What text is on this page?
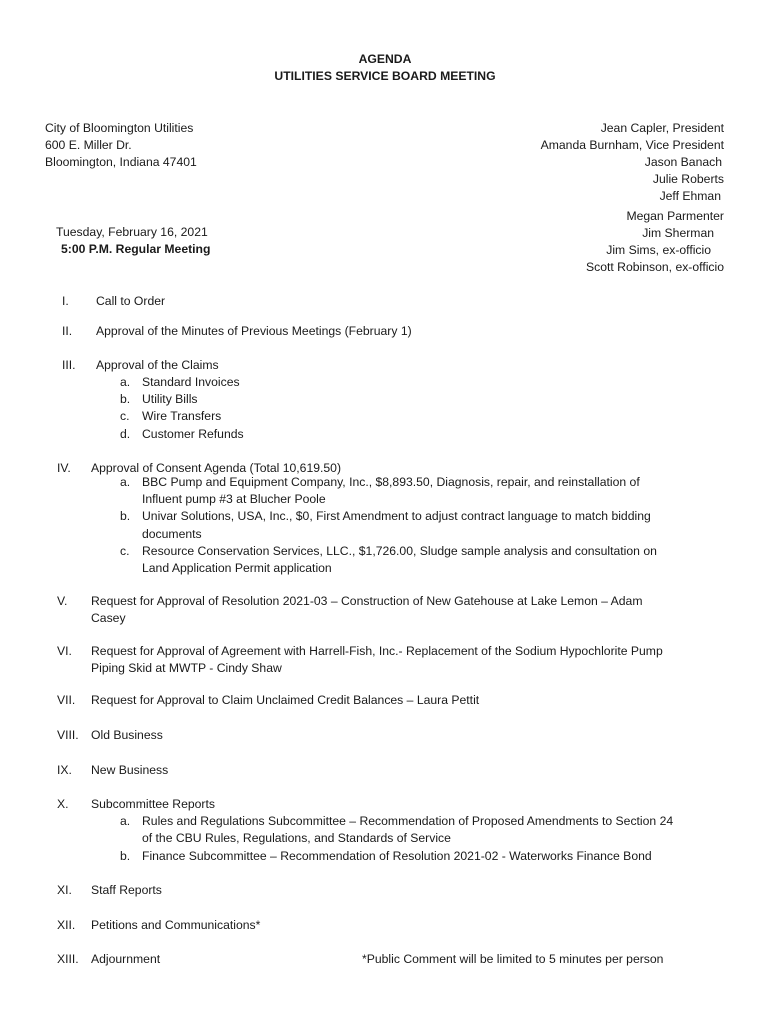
AGENDA
UTILITIES SERVICE BOARD MEETING
City of Bloomington Utilities
600 E. Miller Dr.
Bloomington, Indiana 47401
Jean Capler, President
Amanda Burnham, Vice President
Jason Banach
Julie Roberts
Jeff Ehman
Megan Parmenter
Jim Sherman
Jim Sims, ex-officio
Scott Robinson, ex-officio
Tuesday, February 16, 2021
5:00 P.M. Regular Meeting
I. Call to Order
II. Approval of the Minutes of Previous Meetings (February 1)
III. Approval of the Claims
a. Standard Invoices
b. Utility Bills
c. Wire Transfers
d. Customer Refunds
IV. Approval of Consent Agenda (Total 10,619.50)
a. BBC Pump and Equipment Company, Inc., $8,893.50, Diagnosis, repair, and reinstallation of
Influent pump #3 at Blucher Poole
b. Univar Solutions, USA, Inc., $0, First Amendment to adjust contract language to match bidding
documents
c. Resource Conservation Services, LLC., $1,726.00, Sludge sample analysis and consultation on
Land Application Permit application
V. Request for Approval of Resolution 2021-03 – Construction of New Gatehouse at Lake Lemon – Adam
Casey
VI. Request for Approval of Agreement with Harrell-Fish, Inc.- Replacement of the Sodium Hypochlorite Pump
Piping Skid at MWTP - Cindy Shaw
VII. Request for Approval to Claim Unclaimed Credit Balances – Laura Pettit
VIII. Old Business
IX. New Business
X. Subcommittee Reports
a. Rules and Regulations Subcommittee – Recommendation of Proposed Amendments to Section 24
of the CBU Rules, Regulations, and Standards of Service
b. Finance Subcommittee – Recommendation of Resolution 2021-02 - Waterworks Finance Bond
XI. Staff Reports
XII. Petitions and Communications*
XIII. Adjournment	*Public Comment will be limited to 5 minutes per person
